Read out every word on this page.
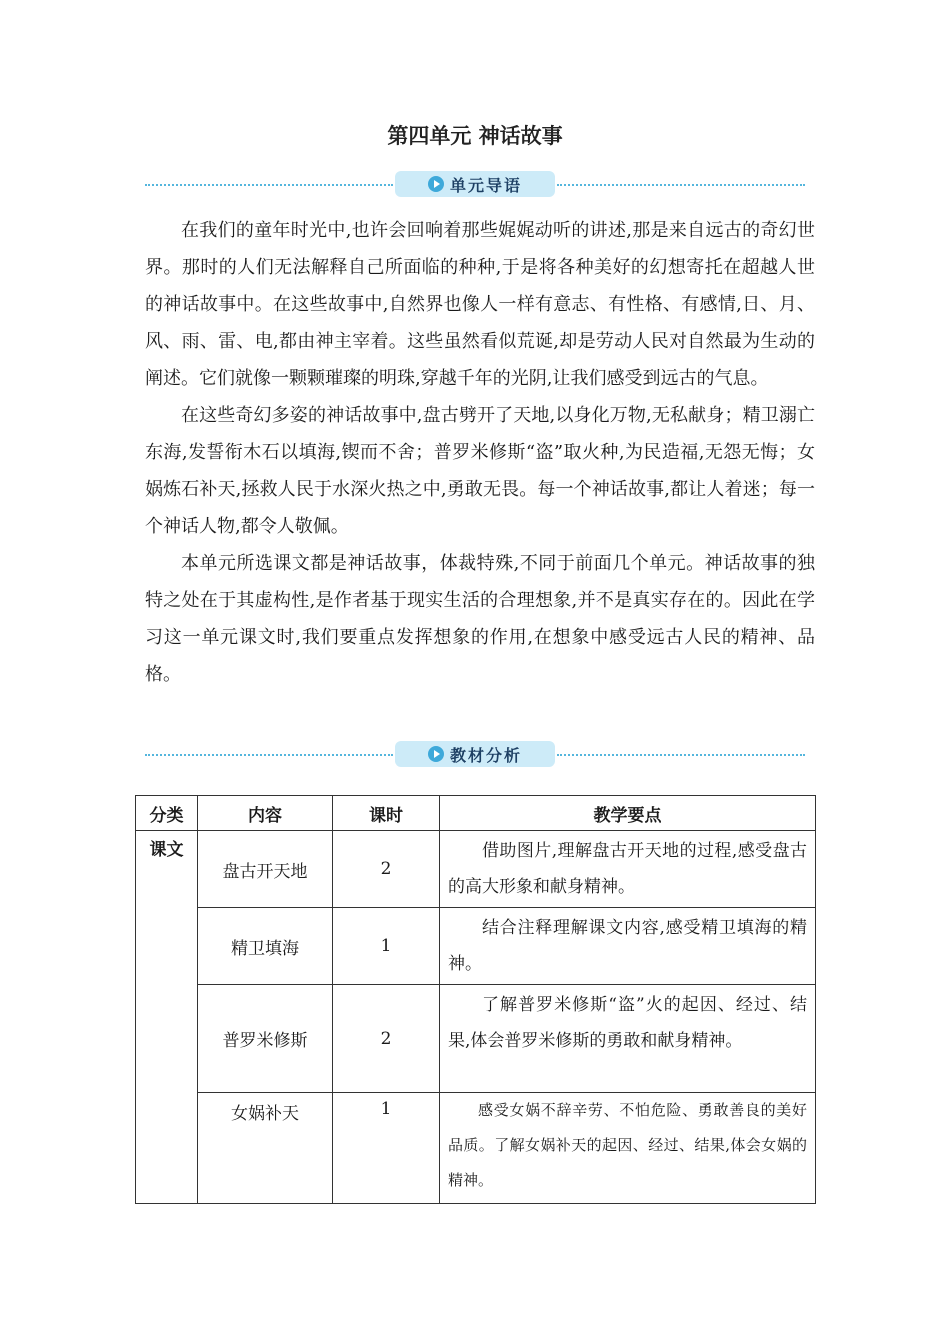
第四单元 神话故事
单元导语

在我们的童年时光中,也许会回响着那些娓娓动听的讲述,那是来自远古的奇幻世界。那时的人们无法解释自己所面临的种种,于是将各种美好的幻想寄托在超越人世的神话故事中。在这些故事中,自然界也像人一样有意志、有性格、有感情,日、月、风、雨、雷、电,都由神主宰着。这些虽然看似荒诞,却是劳动人民对自然最为生动的阐述。它们就像一颗颗璀璨的明珠,穿越千年的光阴,让我们感受到远古的气息。

在这些奇幻多姿的神话故事中,盘古劈开了天地,以身化万物,无私献身；精卫溺亡东海,发誓衔木石以填海,锲而不舍；普罗米修斯“盗”取火种,为民造福,无怨无悔；女娲炼石补天,拯救人民于水深火热之中,勇敢无畏。每一个神话故事,都让人着迷；每一个神话人物,都令人敬佩。

本单元所选课文都是神话故事，体裁特殊,不同于前面几个单元。神话故事的独特之处在于其虚构性,是作者基于现实生活的合理想象,并不是真实存在的。因此在学习这一单元课文时,我们要重点发挥想象的作用,在想象中感受远古人民的精神、品格。

教材分析
分类	内容	课时	教学要点
课文	盘古开天地	2	借助图片,理解盘古开天地的过程,感受盘古的高大形象和献身精神。
	精卫填海	1	结合注释理解课文内容,感受精卫填海的精神。
	普罗米修斯	2	了解普罗米修斯“盗”火的起因、经过、结果,体会普罗米修斯的勇敢和献身精神。
	女娲补天	1	感受女娲不辞辛劳、不怕危险、勇敢善良的美好品质。了解女娲补天的起因、经过、结果,体会女娲的精神。
